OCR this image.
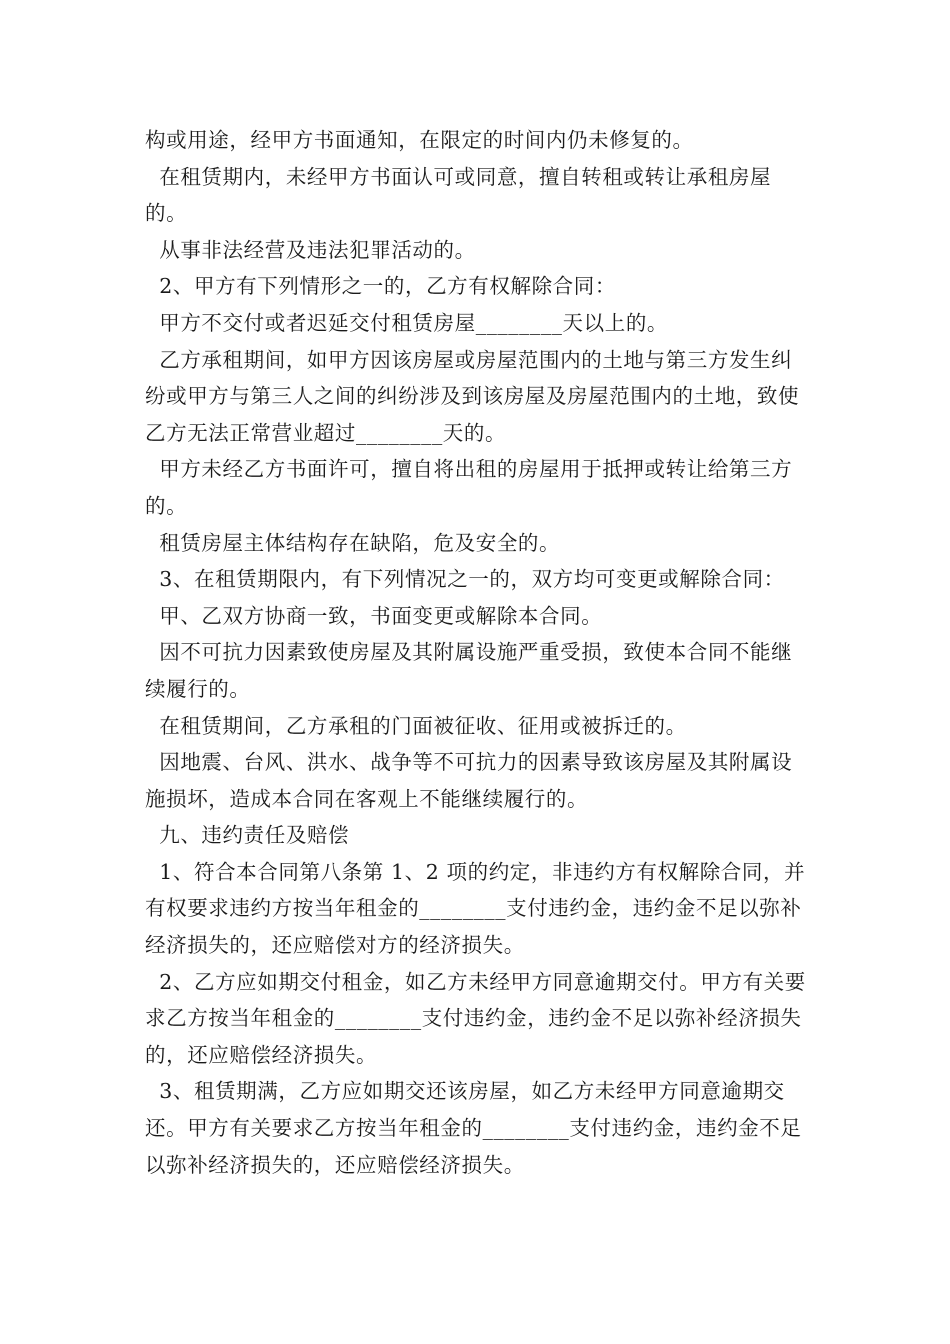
构或用途，经甲方书面通知，在限定的时间内仍未修复的。

在租赁期内，未经甲方书面认可或同意，擅自转租或转让承租房屋的。

从事非法经营及违法犯罪活动的。

2、甲方有下列情形之一的，乙方有权解除合同：

甲方不交付或者迟延交付租赁房屋________天以上的。

乙方承租期间，如甲方因该房屋或房屋范围内的土地与第三方发生纠纷或甲方与第三人之间的纠纷涉及到该房屋及房屋范围内的土地，致使乙方无法正常营业超过________天的。

甲方未经乙方书面许可，擅自将出租的房屋用于抵押或转让给第三方的。

租赁房屋主体结构存在缺陷，危及安全的。

3、在租赁期限内，有下列情况之一的，双方均可变更或解除合同：

甲、乙双方协商一致，书面变更或解除本合同。

因不可抗力因素致使房屋及其附属设施严重受损，致使本合同不能继续履行的。

在租赁期间，乙方承租的门面被征收、征用或被拆迁的。

因地震、台风、洪水、战争等不可抗力的因素导致该房屋及其附属设施损坏，造成本合同在客观上不能继续履行的。

九、违约责任及赔偿

1、符合本合同第八条第 1、2 项的约定，非违约方有权解除合同，并有权要求违约方按当年租金的________支付违约金，违约金不足以弥补经济损失的，还应赔偿对方的经济损失。

2、乙方应如期交付租金，如乙方未经甲方同意逾期交付。甲方有关要求乙方按当年租金的________支付违约金，违约金不足以弥补经济损失的，还应赔偿经济损失。

3、租赁期满，乙方应如期交还该房屋，如乙方未经甲方同意逾期交还。甲方有关要求乙方按当年租金的________支付违约金，违约金不足以弥补经济损失的，还应赔偿经济损失。
